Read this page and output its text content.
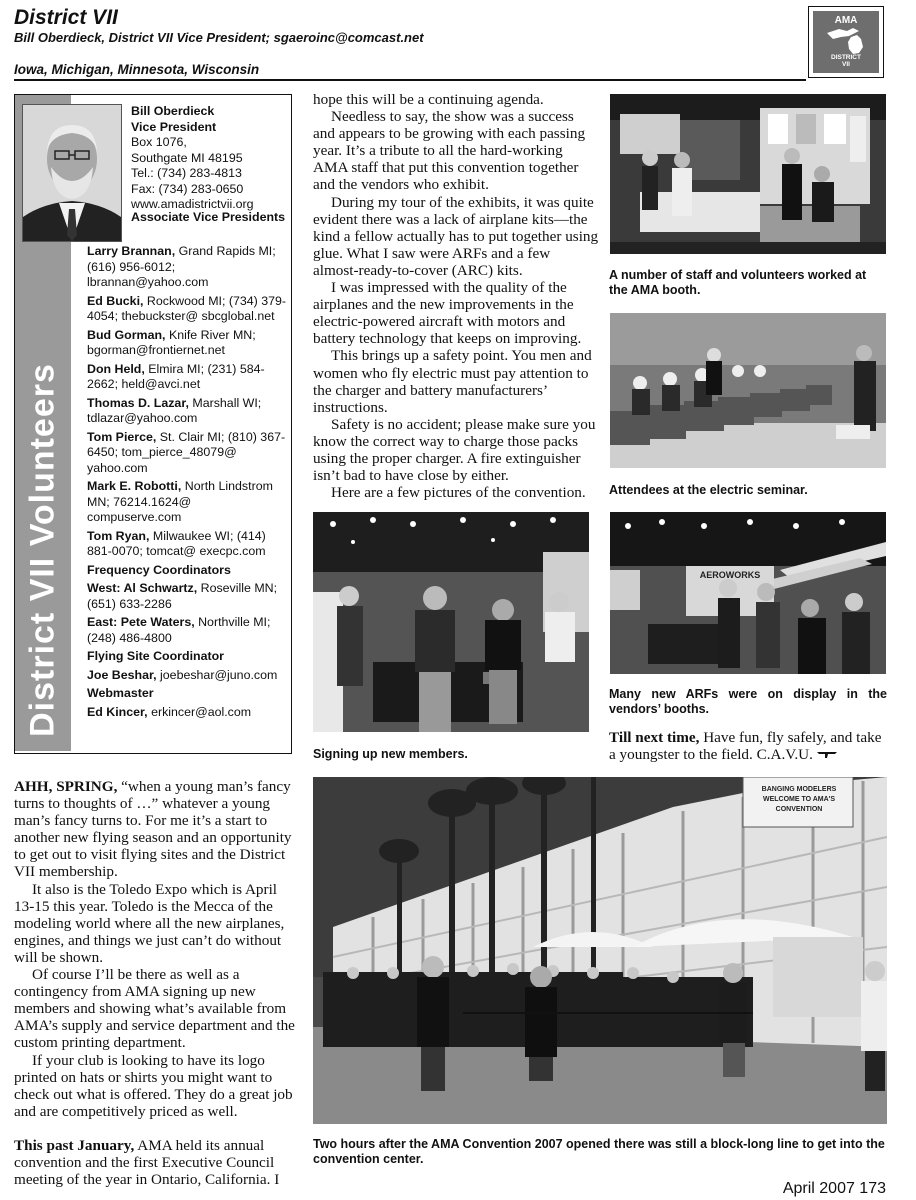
District VII
Bill Oberdieck, District VII Vice President; sgaeroinc@comcast.net
Iowa, Michigan, Minnesota, Wisconsin
AMA
DISTRICT
VII
District VII Volunteers
Bill Oberdieck
Vice President
Box 1076,
Southgate MI 48195
Tel.: (734) 283-4813
Fax: (734) 283-0650
www.amadistrictvii.org
Associate Vice Presidents
Larry Brannan, Grand Rapids MI; (616) 956-6012; lbrannan@yahoo.com
Ed Bucki, Rockwood MI; (734) 379-4054; thebuckster@ sbcglobal.net
Bud Gorman, Knife River MN; bgorman@frontiernet.net
Don Held, Elmira MI; (231) 584-2662; held@avci.net
Thomas D. Lazar, Marshall WI; tdlazar@yahoo.com
Tom Pierce, St. Clair MI; (810) 367-6450; tom_pierce_48079@ yahoo.com
Mark E. Robotti, North Lindstrom MN; 76214.1624@ compuserve.com
Tom Ryan, Milwaukee WI; (414) 881-0070; tomcat@ execpc.com
Frequency Coordinators
West: Al Schwartz, Roseville MN; (651) 633-2286
East: Pete Waters, Northville MI; (248) 486-4800
Flying Site Coordinator
Joe Beshar, joebeshar@juno.com
Webmaster
Ed Kincer, erkincer@aol.com

hope this will be a continuing agenda.

Needless to say, the show was a success and appears to be growing with each passing year. It’s a tribute to all the hard-working AMA staff that put this convention together and the vendors who exhibit.

During my tour of the exhibits, it was quite evident there was a lack of airplane kits—the kind a fellow actually has to put together using glue. What I saw were ARFs and a few almost-ready-to-cover (ARC) kits.

I was impressed with the quality of the airplanes and the new improvements in the electric-powered aircraft with motors and battery technology that keeps on improving.

This brings up a safety point. You men and women who fly electric must pay attention to the charger and battery manufacturers’ instructions.

Safety is no accident; please make sure you know the correct way to charge those packs using the proper charger. A fire extinguisher isn’t bad to have close by either.

Here are a few pictures of the convention.

AHH, SPRING, “when a young man’s fancy turns to thoughts of …” whatever a young man’s fancy turns to. For me it’s a start to another new flying season and an opportunity to get out to visit flying sites and the District VII membership.

It also is the Toledo Expo which is April 13-15 this year. Toledo is the Mecca of the modeling world where all the new airplanes, engines, and things we just can’t do without will be shown.

Of course I’ll be there as well as a contingency from AMA signing up new members and showing what’s available from AMA’s supply and service department and the custom printing department.

If your club is looking to have its logo printed on hats or shirts you might want to check out what is offered. They do a great job and are competitively priced as well.

This past January, AMA held its annual convention and the first Executive Council meeting of the year in Ontario, California. I

A number of staff and volunteers worked at the AMA booth.

Attendees at the electric seminar.

Signing up new members.

AEROWORKS

Many new ARFs were on display in the vendors’ booths.

Till next time, Have fun, fly safely, and take a youngster to the field. C.A.V.U.

BANGING MODELERS
WELCOME TO AMA'S CONVENTION

Two hours after the AMA Convention 2007 opened there was still a block-long line to get into the convention center.

April 2007 173
